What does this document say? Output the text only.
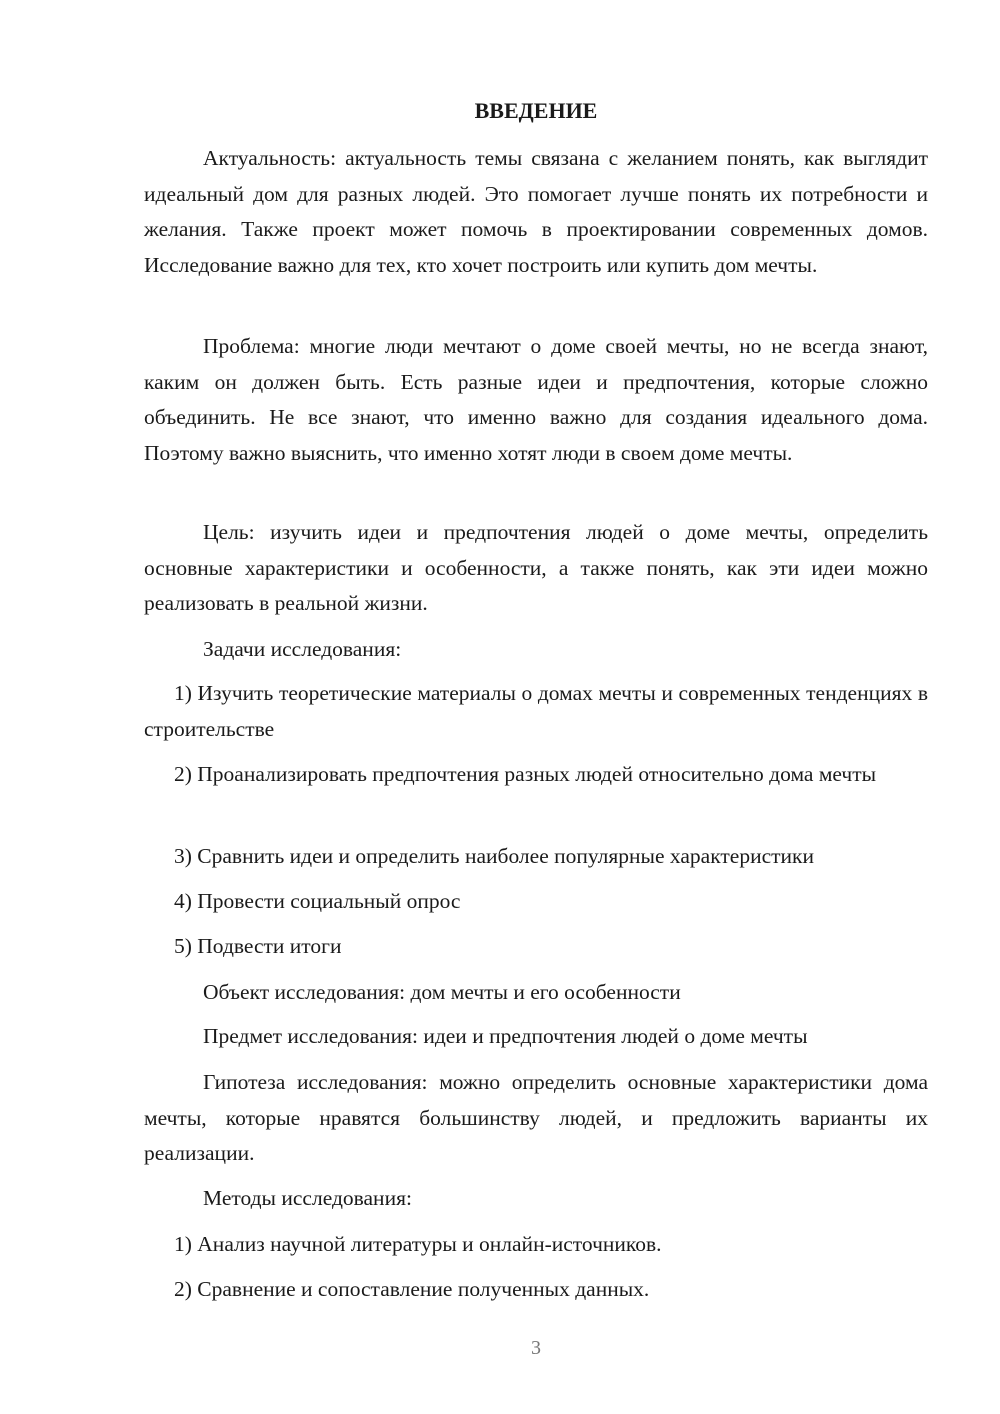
ВВЕДЕНИЕ

Актуальность: актуальность темы связана с желанием понять, как выглядит идеальный дом для разных людей. Это помогает лучше понять их потребности и желания. Также проект может помочь в проектировании современных домов. Исследование важно для тех, кто хочет построить или купить дом мечты.

Проблема: многие люди мечтают о доме своей мечты, но не всегда знают, каким он должен быть. Есть разные идеи и предпочтения, которые сложно объединить. Не все знают, что именно важно для создания идеального дома. Поэтому важно выяснить, что именно хотят люди в своем доме мечты.

Цель: изучить идеи и предпочтения людей о доме мечты, определить основные характеристики и особенности, а также понять, как эти идеи можно реализовать в реальной жизни.

Задачи исследования:

1) Изучить теоретические материалы о домах мечты и современных тенденциях в строительстве

2) Проанализировать предпочтения разных людей относительно дома мечты

3) Сравнить идеи и определить наиболее популярные характеристики

4) Провести социальный опрос

5) Подвести итоги

Объект исследования: дом мечты и его особенности

Предмет исследования: идеи и предпочтения людей о доме мечты

Гипотеза исследования: можно определить основные характеристики дома мечты, которые нравятся большинству людей, и предложить варианты их реализации.

Методы исследования:

1) Анализ научной литературы и онлайн-источников.

2) Сравнение и сопоставление полученных данных.

3
